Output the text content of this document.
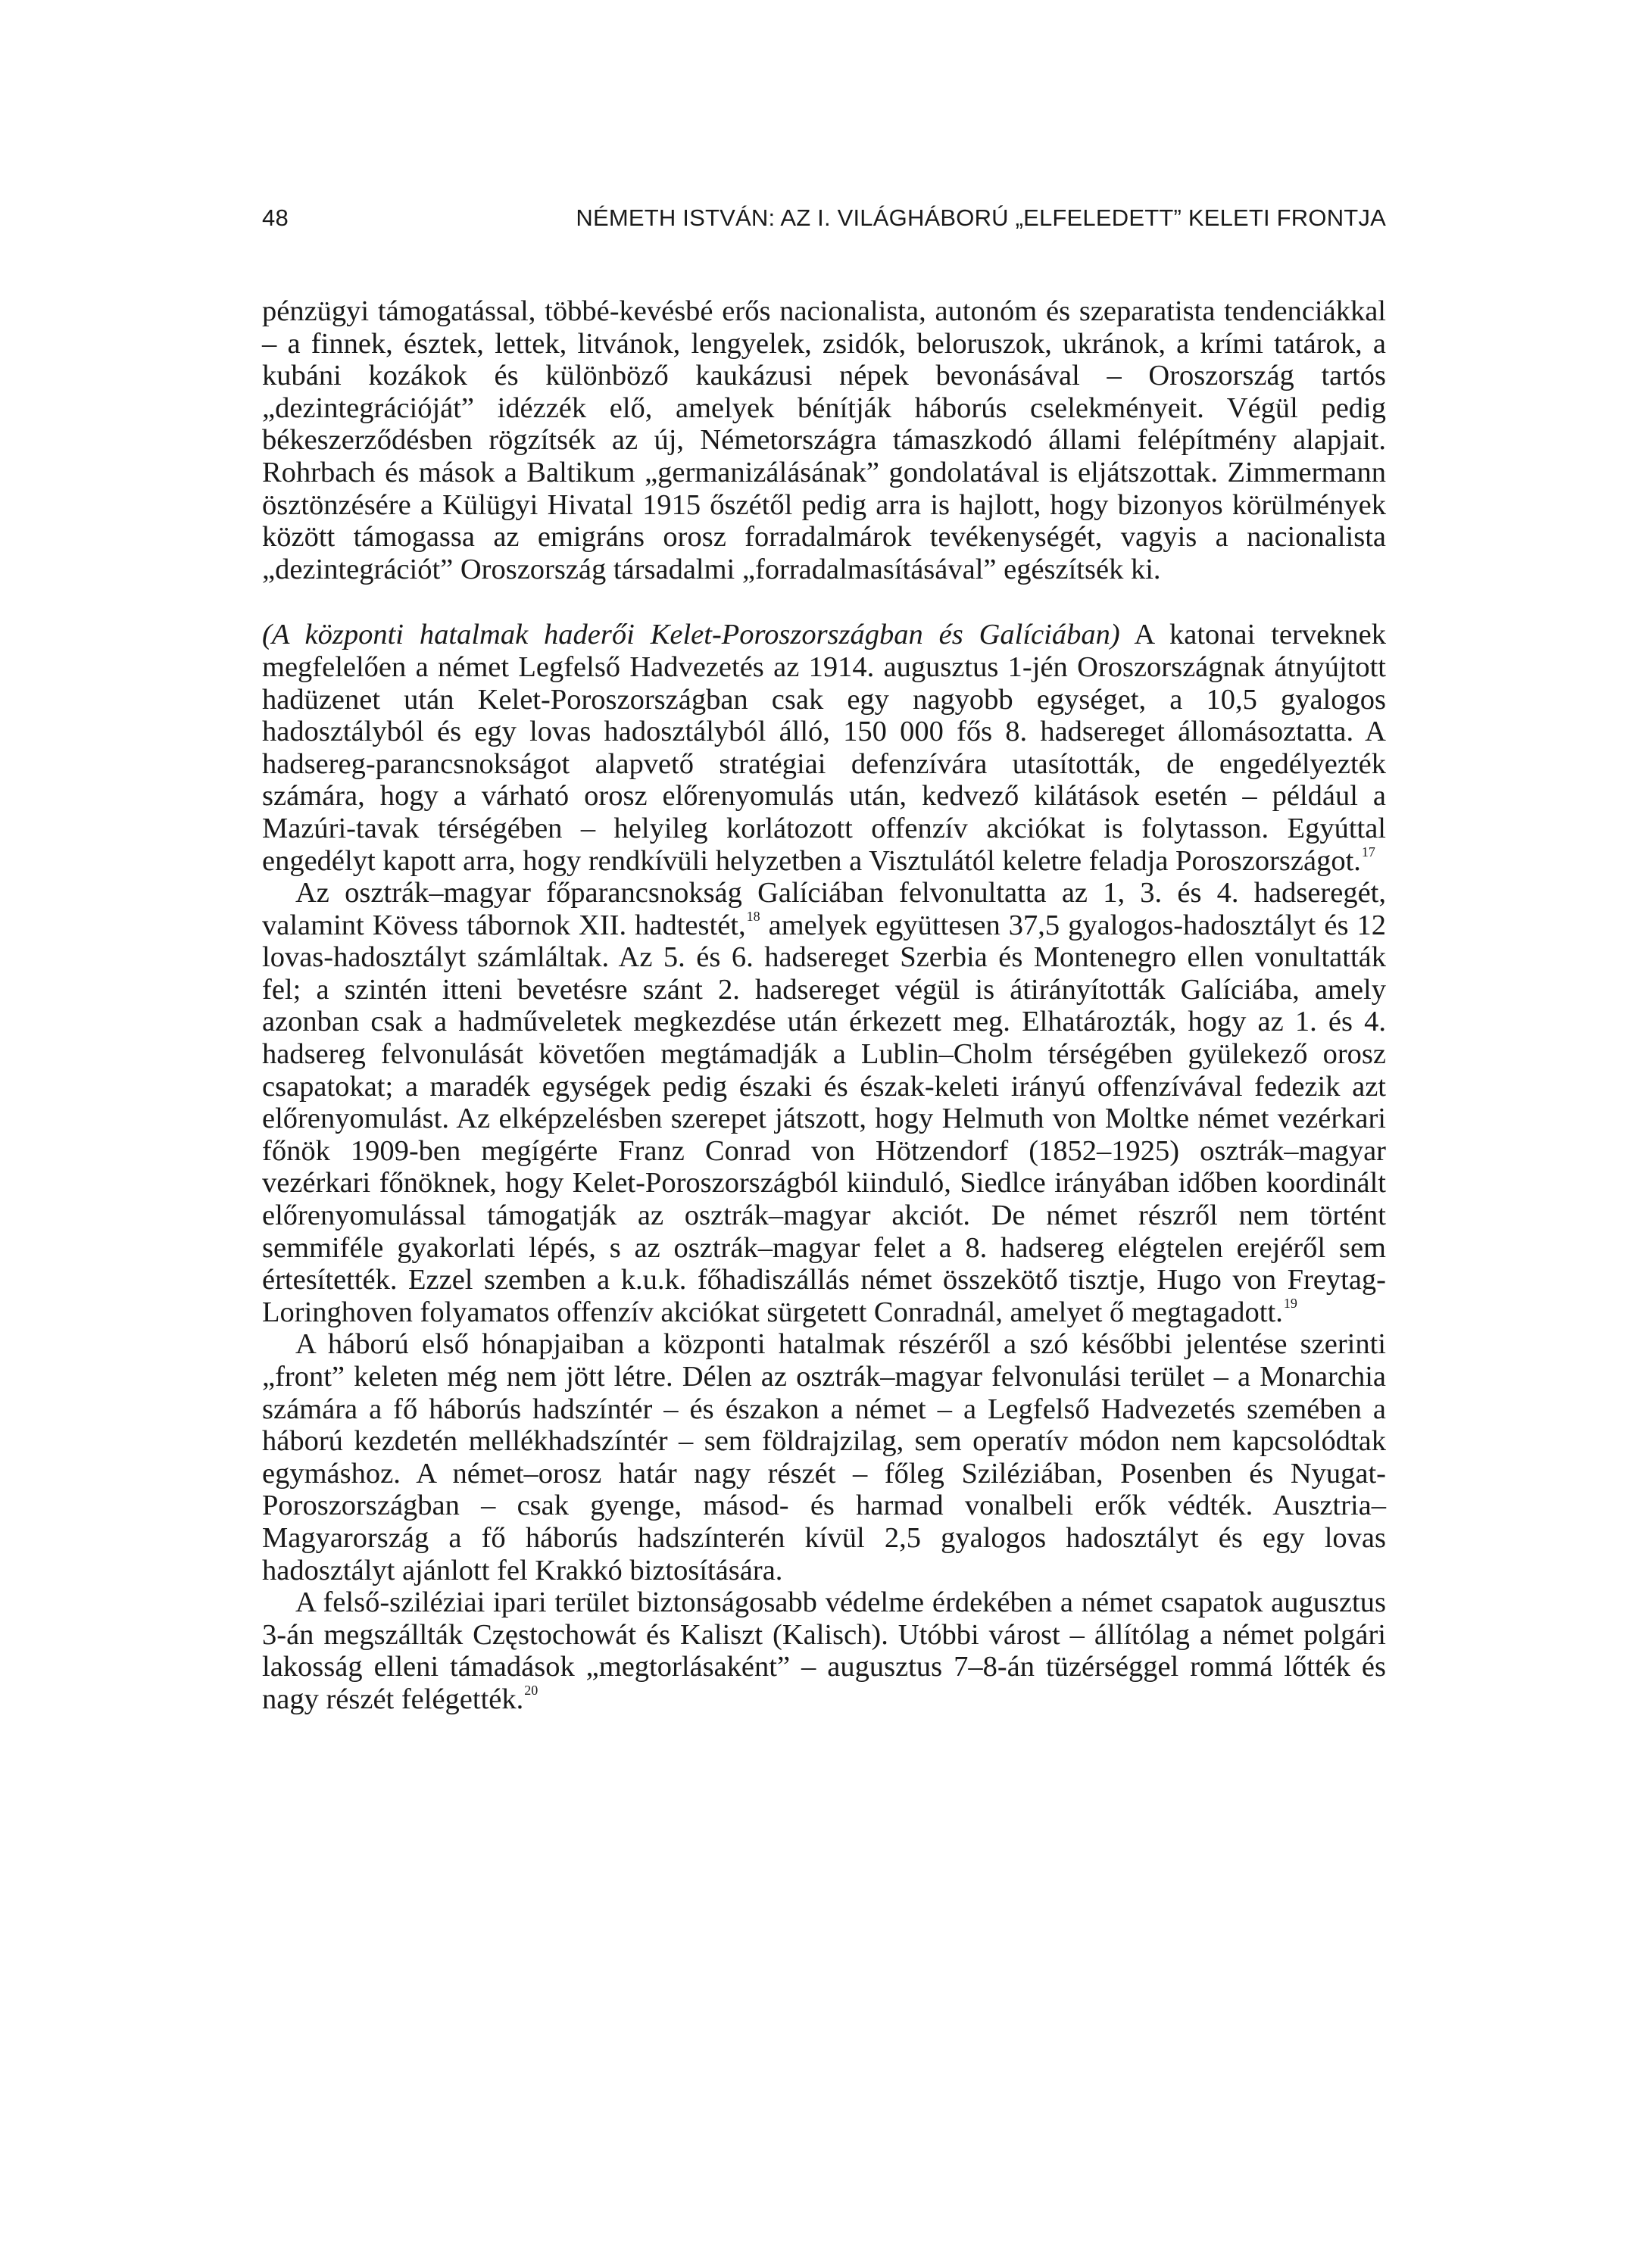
48	NÉMETH ISTVÁN: AZ I. VILÁGHÁBORÚ „ELFELEDETT” KELETI FRONTJA

pénzügyi támogatással, többé-kevésbé erős nacionalista, autonóm és szeparatista tendenciákkal – a finnek, észtek, lettek, litvánok, lengyelek, zsidók, beloruszok, ukránok, a krími tatárok, a kubáni kozákok és különböző kaukázusi népek bevonásával – Oroszország tartós „dezintegrációját” idézzék elő, amelyek bénítják háborús cselekményeit. Végül pedig békeszerződésben rögzítsék az új, Németországra támaszkodó állami felépítmény alapjait. Rohrbach és mások a Baltikum „germanizálásának” gondolatával is eljátszottak. Zimmermann ösztönzésére a Külügyi Hivatal 1915 őszétől pedig arra is hajlott, hogy bizonyos körülmények között támogassa az emigráns orosz forradalmárok tevékenységét, vagyis a nacionalista „dezintegrációt” Oroszország társadalmi „forradalmasításával” egészítsék ki.

(A központi hatalmak haderői Kelet-Poroszországban és Galíciában) A katonai terveknek megfelelően a német Legfelső Hadvezetés az 1914. augusztus 1-jén Oroszországnak átnyújtott hadüzenet után Kelet-Poroszországban csak egy nagyobb egységet, a 10,5 gyalogos hadosztályból és egy lovas hadosztályból álló, 150 000 fős 8. hadsereget állomásoztatta. A hadsereg-parancsnokságot alapvető stratégiai defenzívára utasították, de engedélyezték számára, hogy a várható orosz előrenyomulás után, kedvező kilátások esetén – például a Mazúri-tavak térségében – helyileg korlátozott offenzív akciókat is folytasson. Egyúttal engedélyt kapott arra, hogy rendkívüli helyzetben a Visztulától keletre feladja Poroszországot.$^{17}$

Az osztrák–magyar főparancsnokság Galíciában felvonultatta az 1, 3. és 4. hadseregét, valamint Kövess tábornok XII. hadtestét,$^{18}$ amelyek együttesen 37,5 gyalogos-hadosztályt és 12 lovas-hadosztályt számláltak. Az 5. és 6. hadsereget Szerbia és Montenegro ellen vonultatták fel; a szintén itteni bevetésre szánt 2. hadsereget végül is átirányították Galíciába, amely azonban csak a hadműveletek megkezdése után érkezett meg. Elhatározták, hogy az 1. és 4. hadsereg felvonulását követően megtámadják a Lublin–Cholm térségében gyülekező orosz csapatokat; a maradék egységek pedig északi és észak-keleti irányú offenzívával fedezik azt előrenyomulást. Az elképzelésben szerepet játszott, hogy Helmuth von Moltke német vezérkari főnök 1909-ben megígérte Franz Conrad von Hötzendorf (1852–1925) osztrák–magyar vezérkari főnöknek, hogy Kelet-Poroszországból kiinduló, Siedlce irányában időben koordinált előrenyomulással támogatják az osztrák–magyar akciót. De német részről nem történt semmiféle gyakorlati lépés, s az osztrák–magyar felet a 8. hadsereg elégtelen erejéről sem értesítették. Ezzel szemben a k.u.k. főhadiszállás német összekötő tisztje, Hugo von Freytag-Loringhoven folyamatos offenzív akciókat sürgetett Conradnál, amelyet ő megtagadott.$^{19}$

A háború első hónapjaiban a központi hatalmak részéről a szó későbbi jelentése szerinti „front” keleten még nem jött létre. Délen az osztrák–magyar felvonulási terület – a Monarchia számára a fő háborús hadszíntér – és északon a német – a Legfelső Hadvezetés szemében a háború kezdetén mellékhadszíntér – sem földrajzilag, sem operatív módon nem kapcsolódtak egymáshoz. A német–orosz határ nagy részét – főleg Sziléziában, Posenben és Nyugat-Poroszországban – csak gyenge, másod- és harmad vonalbeli erők védték. Ausztria–Magyarország a fő háborús hadszínterén kívül 2,5 gyalogos hadosztályt és egy lovas hadosztályt ajánlott fel Krakkó biztosítására.

A felső-sziléziai ipari terület biztonságosabb védelme érdekében a német csapatok augusztus 3-án megszállták Częstochowát és Kaliszt (Kalisch). Utóbbi várost – állítólag a német polgári lakosság elleni támadások „megtorlásaként” – augusztus 7–8-án tüzérséggel rommá lőtték és nagy részét felégették.$^{20}$
